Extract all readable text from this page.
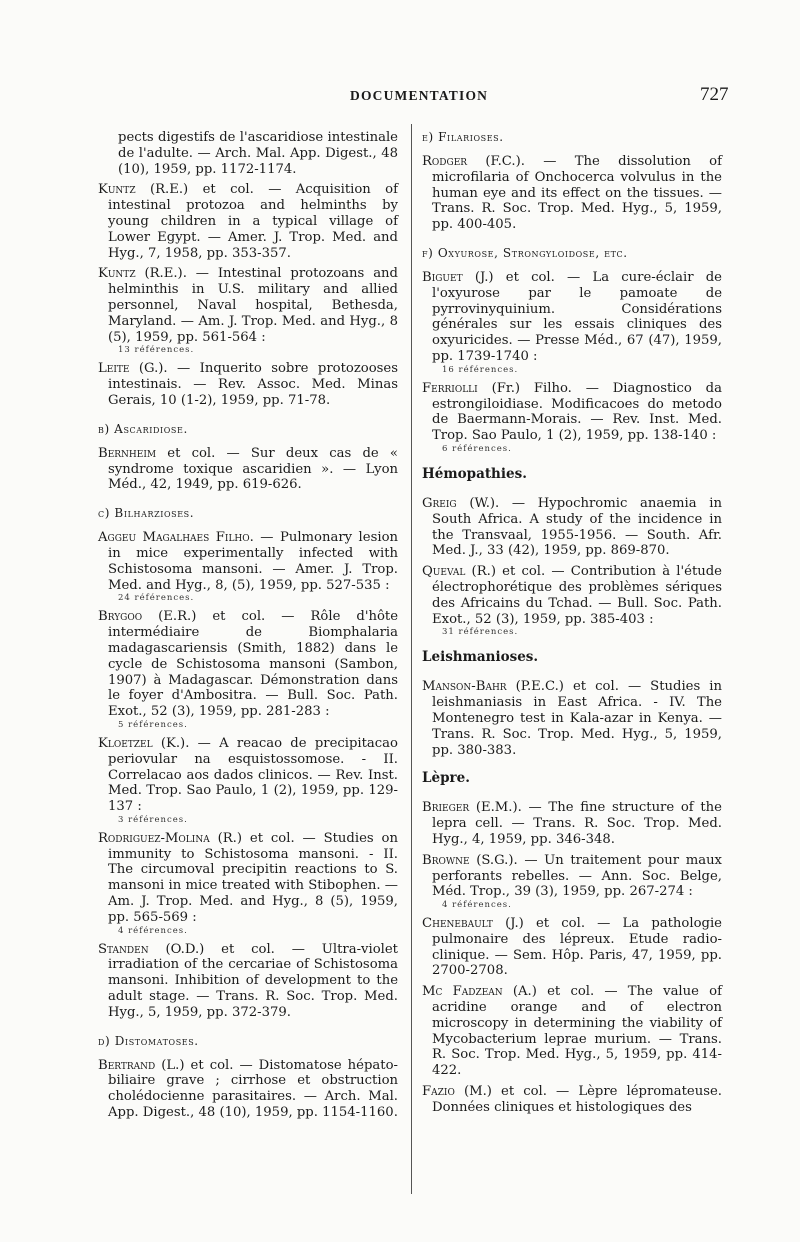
DOCUMENTATION	727
pects digestifs de l'ascaridiose intestinale de l'adulte. — Arch. Mal. App. Digest., 48 (10), 1959, pp. 1172-1174.
Kuntz (R.E.) et col. — Acquisition of intestinal protozoa and helminths by young children in a typical village of Lower Egypt. — Amer. J. Trop. Med. and Hyg., 7, 1958, pp. 353-357.
Kuntz (R.E.). — Intestinal protozoans and helminthis in U.S. military and allied personnel, Naval hospital, Bethesda, Maryland. — Am. J. Trop. Med. and Hyg., 8 (5), 1959, pp. 561-564 :
13 références.
Leite (G.). — Inquerito sobre protozooses intestinais. — Rev. Assoc. Med. Minas Gerais, 10 (1-2), 1959, pp. 71-78.
b) Ascaridiose.
Bernheim et col. — Sur deux cas de « syndrome toxique ascaridien ». — Lyon Méd., 42, 1949, pp. 619-626.
c) Bilharzioses.
Aggeu Magalhaes Filho. — Pulmonary lesion in mice experimentally infected with Schistosoma mansoni. — Amer. J. Trop. Med. and Hyg., 8, (5), 1959, pp. 527-535 :
24 références.
Brygoo (E.R.) et col. — Rôle d'hôte intermédiaire de Biomphalaria madagascariensis (Smith, 1882) dans le cycle de Schistosoma mansoni (Sambon, 1907) à Madagascar. Démonstration dans le foyer d'Ambositra. — Bull. Soc. Path. Exot., 52 (3), 1959, pp. 281-283 :
5 références.
Kloetzel (K.). — A reacao de precipitacao periovular na esquistossomose. - II. Correlacao aos dados clinicos. — Rev. Inst. Med. Trop. Sao Paulo, 1 (2), 1959, pp. 129-137 :
3 références.
Rodriguez-Molina (R.) et col. — Studies on immunity to Schistosoma mansoni. - II. The circumoval precipitin reactions to S. mansoni in mice treated with Stibophen. — Am. J. Trop. Med. and Hyg., 8 (5), 1959, pp. 565-569 :
4 références.
Standen (O.D.) et col. — Ultra-violet irradiation of the cercariae of Schistosoma mansoni. Inhibition of development to the adult stage. — Trans. R. Soc. Trop. Med. Hyg., 5, 1959, pp. 372-379.
d) Distomatoses.
Bertrand (L.) et col. — Distomatose hépato-biliaire grave ; cirrhose et obstruction cholédocienne parasitaires. — Arch. Mal. App. Digest., 48 (10), 1959, pp. 1154-1160.
e) Filarioses.
Rodger (F.C.). — The dissolution of microfilaria of Onchocerca volvulus in the human eye and its effect on the tissues. — Trans. R. Soc. Trop. Med. Hyg., 5, 1959, pp. 400-405.
f) Oxyurose, Strongyloidose, etc.
Biguet (J.) et col. — La cure-éclair de l'oxyurose par le pamoate de pyrrovinyquinium. Considérations générales sur les essais cliniques des oxyuricides. — Presse Méd., 67 (47), 1959, pp. 1739-1740 :
16 références.
Ferriolli (Fr.) Filho. — Diagnostico da estrongiloidiase. Modificacoes do metodo de Baermann-Morais. — Rev. Inst. Med. Trop. Sao Paulo, 1 (2), 1959, pp. 138-140 :
6 références.
Hémopathies.
Greig (W.). — Hypochromic anaemia in South Africa. A study of the incidence in the Transvaal, 1955-1956. — South. Afr. Med. J., 33 (42), 1959, pp. 869-870.
Queval (R.) et col. — Contribution à l'étude électrophorétique des problèmes sériques des Africains du Tchad. — Bull. Soc. Path. Exot., 52 (3), 1959, pp. 385-403 :
31 références.
Leishmanioses.
Manson-Bahr (P.E.C.) et col. — Studies in leishmaniasis in East Africa. - IV. The Montenegro test in Kala-azar in Kenya. — Trans. R. Soc. Trop. Med. Hyg., 5, 1959, pp. 380-383.
Lèpre.
Brieger (E.M.). — The fine structure of the lepra cell. — Trans. R. Soc. Trop. Med. Hyg., 4, 1959, pp. 346-348.
Browne (S.G.). — Un traitement pour maux perforants rebelles. — Ann. Soc. Belge, Méd. Trop., 39 (3), 1959, pp. 267-274 :
4 références.
Chenebault (J.) et col. — La pathologie pulmonaire des lépreux. Etude radio-clinique. — Sem. Hôp. Paris, 47, 1959, pp. 2700-2708.
Mc Fadzean (A.) et col. — The value of acridine orange and of electron microscopy in determining the viability of Mycobacterium leprae murium. — Trans. R. Soc. Trop. Med. Hyg., 5, 1959, pp. 414-422.
Fazio (M.) et col. — Lèpre lépromateuse. Données cliniques et histologiques des
